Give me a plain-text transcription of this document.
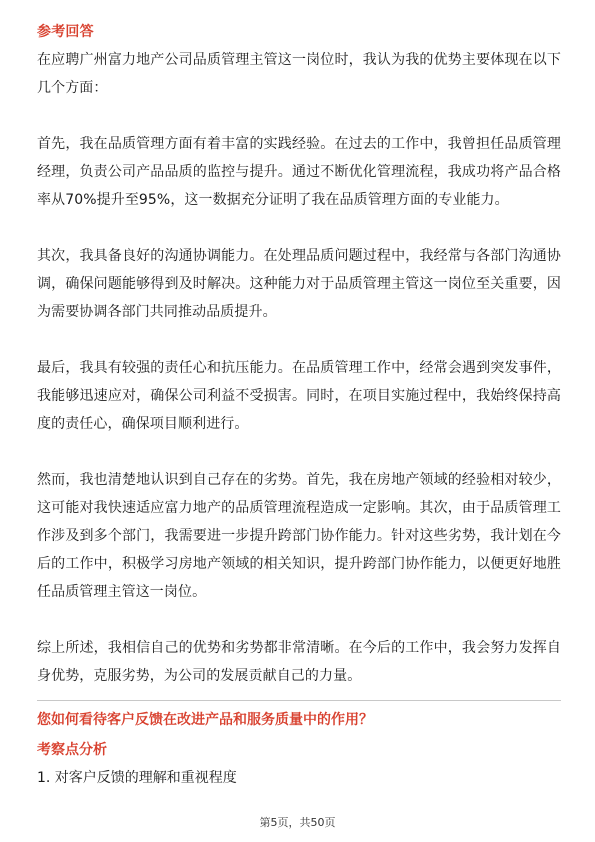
参考回答

在应聘广州富力地产公司品质管理主管这一岗位时，我认为我的优势主要体现在以下几个方面：

首先，我在品质管理方面有着丰富的实践经验。在过去的工作中，我曾担任品质管理经理，负责公司产品品质的监控与提升。通过不断优化管理流程，我成功将产品合格率从70%提升至95%，这一数据充分证明了我在品质管理方面的专业能力。

其次，我具备良好的沟通协调能力。在处理品质问题过程中，我经常与各部门沟通协调，确保问题能够得到及时解决。这种能力对于品质管理主管这一岗位至关重要，因为需要协调各部门共同推动品质提升。

最后，我具有较强的责任心和抗压能力。在品质管理工作中，经常会遇到突发事件，我能够迅速应对，确保公司利益不受损害。同时，在项目实施过程中，我始终保持高度的责任心，确保项目顺利进行。

然而，我也清楚地认识到自己存在的劣势。首先，我在房地产领域的经验相对较少，这可能对我快速适应富力地产的品质管理流程造成一定影响。其次，由于品质管理工作涉及到多个部门，我需要进一步提升跨部门协作能力。针对这些劣势，我计划在今后的工作中，积极学习房地产领域的相关知识，提升跨部门协作能力，以便更好地胜任品质管理主管这一岗位。

综上所述，我相信自己的优势和劣势都非常清晰。在今后的工作中，我会努力发挥自身优势，克服劣势，为公司的发展贡献自己的力量。

您如何看待客户反馈在改进产品和服务质量中的作用？

考察点分析

1. 对客户反馈的理解和重视程度

第5页，共50页
